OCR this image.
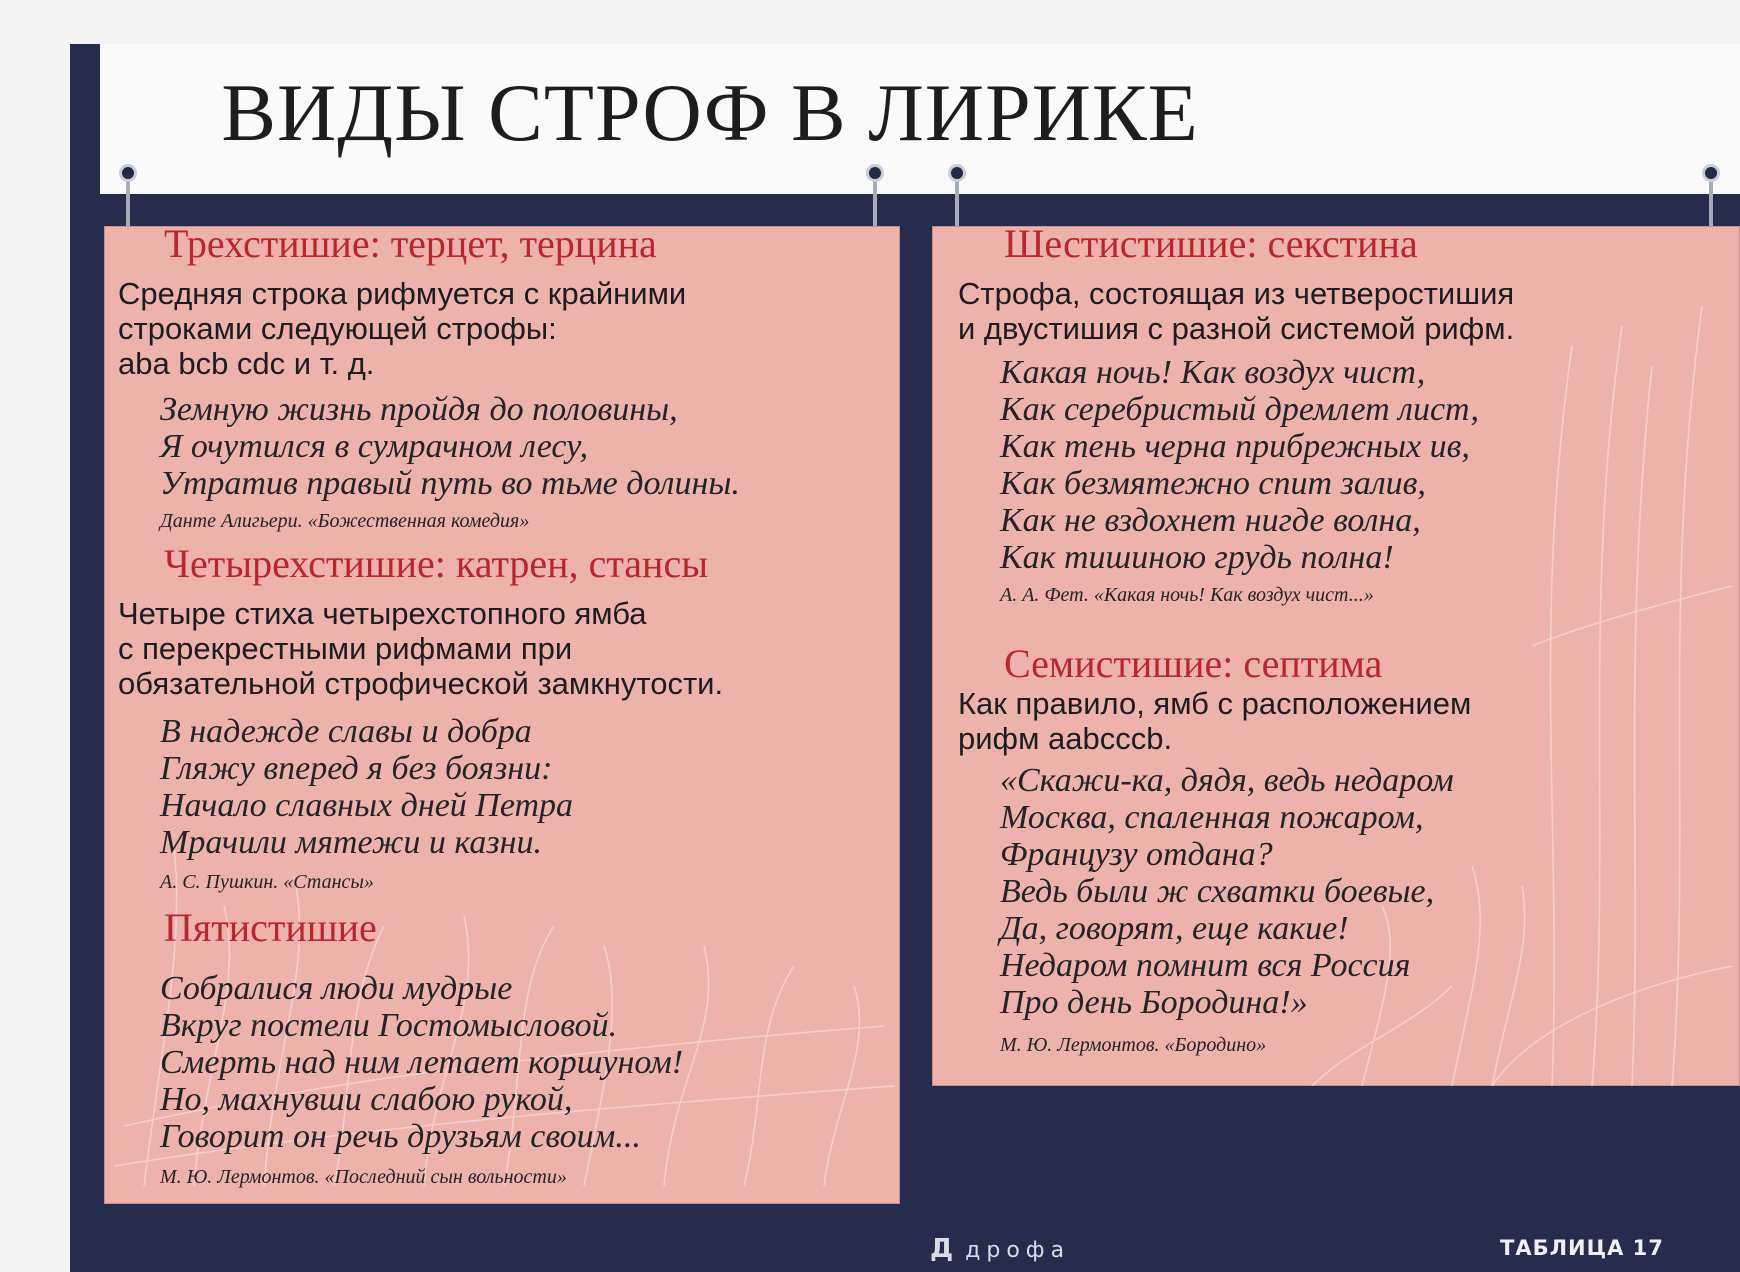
ВИДЫ СТРОФ В ЛИРИКЕ
Трехстишие: терцет, терцина
Средняя строка рифмуется с крайними
строками следующей строфы:
aba bcb cdc и т. д.
Земную жизнь пройдя до половины,
Я очутился в сумрачном лесу,
Утратив правый путь во тьме долины.
Данте Алигьери. «Божественная комедия»
Четырехстишие: катрен, стансы
Четыре стиха четырехстопного ямба
с перекрестными рифмами при
обязательной строфической замкнутости.
В надежде славы и добра
Гляжу вперед я без боязни:
Начало славных дней Петра
Мрачили мятежи и казни.
А. С. Пушкин. «Стансы»
Пятистишие
Собралися люди мудрые
Вкруг постели Гостомысловой.
Смерть над ним летает коршуном!
Но, махнувши слабою рукой,
Говорит он речь друзьям своим...
М. Ю. Лермонтов. «Последний сын вольности»
Шестистишие: секстина
Строфа, состоящая из четверостишия
и двустишия с разной системой рифм.
Какая ночь! Как воздух чист,
Как серебристый дремлет лист,
Как тень черна прибрежных ив,
Как безмятежно спит залив,
Как не вздохнет нигде волна,
Как тишиною грудь полна!
А. А. Фет. «Какая ночь! Как воздух чист...»
Семистишие: септима
Как правило, ямб с расположением
рифм aabcccb.
«Скажи-ка, дядя, ведь недаром
Москва, спаленная пожаром,
Французу отдана?
Ведь были ж схватки боевые,
Да, говорят, еще какие!
Недаром помнит вся Россия
Про день Бородина!»
М. Ю. Лермонтов. «Бородино»
Д дрофа	ТАБЛИЦА 17
